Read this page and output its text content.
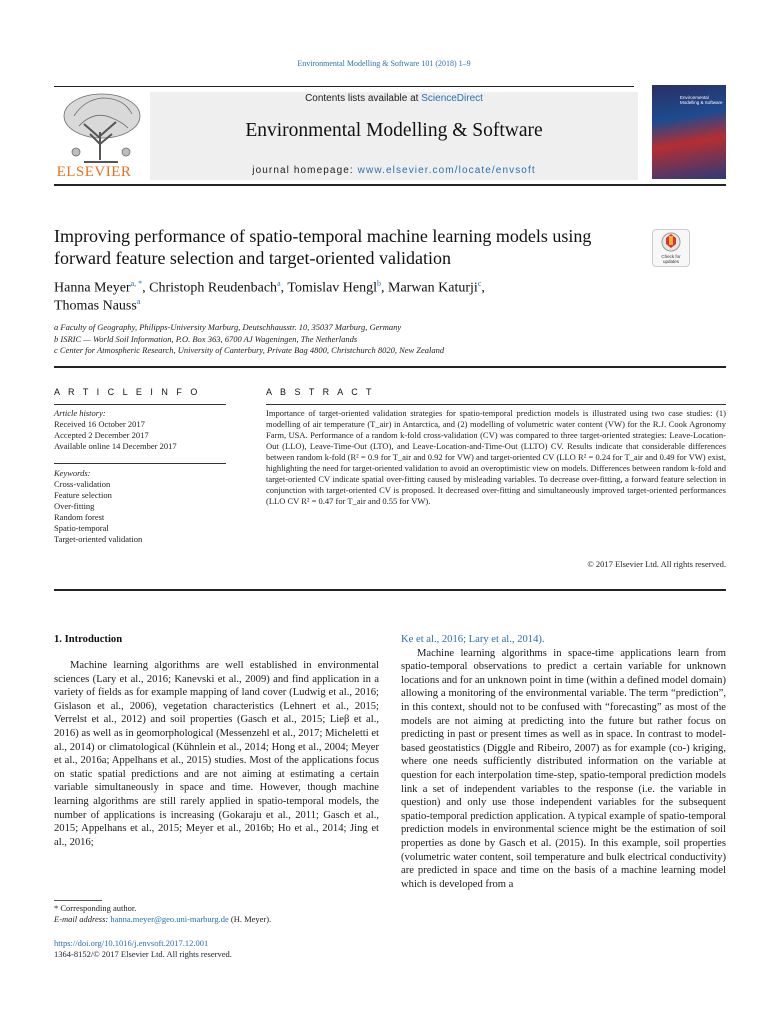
Environmental Modelling & Software 101 (2018) 1–9
ELSEVIER
Contents lists available at ScienceDirect
Environmental Modelling & Software
journal homepage: www.elsevier.com/locate/envsoft
Environmental Modelling & Software
Improving performance of spatio-temporal machine learning models using forward feature selection and target-oriented validation	Check for updates
Hanna Meyer$^{a, *}$, Christoph Reudenbach$^a$, Tomislav Hengl$^b$, Marwan Katurji$^c$,
Thomas Nauss$^a$
a Faculty of Geography, Philipps-University Marburg, Deutschhausstr. 10, 35037 Marburg, Germany
b ISRIC — World Soil Information, P.O. Box 363, 6700 AJ Wageningen, The Netherlands
c Center for Atmospheric Research, University of Canterbury, Private Bag 4800, Christchurch 8020, New Zealand
A R T I C L E I N F O
Article history:
Received 16 October 2017
Accepted 2 December 2017
Available online 14 December 2017
Keywords:
Cross-validation
Feature selection
Over-fitting
Random forest
Spatio-temporal
Target-oriented validation
A B S T R A C T
Importance of target-oriented validation strategies for spatio-temporal prediction models is illustrated using two case studies: (1) modelling of air temperature (T_air) in Antarctica, and (2) modelling of volumetric water content (VW) for the R.J. Cook Agronomy Farm, USA. Performance of a random k-fold cross-validation (CV) was compared to three target-oriented strategies: Leave-Location-Out (LLO), Leave-Time-Out (LTO), and Leave-Location-and-Time-Out (LLTO) CV. Results indicate that considerable differences between random k-fold (R² = 0.9 for T_air and 0.92 for VW) and target-oriented CV (LLO R² = 0.24 for T_air and 0.49 for VW) exist, highlighting the need for target-oriented validation to avoid an overoptimistic view on models. Differences between random k-fold and target-oriented CV indicate spatial over-fitting caused by misleading variables. To decrease over-fitting, a forward feature selection in conjunction with target-oriented CV is proposed. It decreased over-fitting and simultaneously improved target-oriented performances (LLO CV R² = 0.47 for T_air and 0.55 for VW).
© 2017 Elsevier Ltd. All rights reserved.
1. Introduction

Machine learning algorithms are well established in environmental sciences (Lary et al., 2016; Kanevski et al., 2009) and find application in a variety of fields as for example mapping of land cover (Ludwig et al., 2016; Gislason et al., 2006), vegetation characteristics (Lehnert et al., 2015; Verrelst et al., 2012) and soil properties (Gasch et al., 2015; Lieβ et al., 2016) as well as in geomorphological (Messenzehl et al., 2017; Micheletti et al., 2014) or climatological (Kühnlein et al., 2014; Hong et al., 2004; Meyer et al., 2016a; Appelhans et al., 2015) studies. Most of the applications focus on static spatial predictions and are not aiming at estimating a certain variable simultaneously in space and time. However, though machine learning algorithms are still rarely applied in spatio-temporal models, the number of applications is increasing (Gokaraju et al., 2011; Gasch et al., 2015; Appelhans et al., 2015; Meyer et al., 2016b; Ho et al., 2014; Jing et al., 2016;

Ke et al., 2016; Lary et al., 2014).

Machine learning algorithms in space-time applications learn from spatio-temporal observations to predict a certain variable for unknown locations and for an unknown point in time (within a defined model domain) allowing a monitoring of the environmental variable. The term “prediction”, in this context, should not to be confused with “forecasting” as most of the models are not aiming at predicting into the future but rather focus on predicting in past or present times as well as in space. In contrast to model-based geostatistics (Diggle and Ribeiro, 2007) as for example (co-) kriging, where one needs sufficiently distributed information on the variable at question for each interpolation time-step, spatio-temporal prediction models link a set of independent variables to the response (i.e. the variable in question) and only use those independent variables for the subsequent spatio-temporal prediction application. A typical example of spatio-temporal prediction models in environmental science might be the estimation of soil properties as done by Gasch et al. (2015). In this example, soil properties (volumetric water content, soil temperature and bulk electrical conductivity) are predicted in space and time on the basis of a machine learning model which is developed from a

* Corresponding author.
E-mail address: hanna.meyer@geo.uni-marburg.de (H. Meyer).
https://doi.org/10.1016/j.envsoft.2017.12.001
1364-8152/© 2017 Elsevier Ltd. All rights reserved.
